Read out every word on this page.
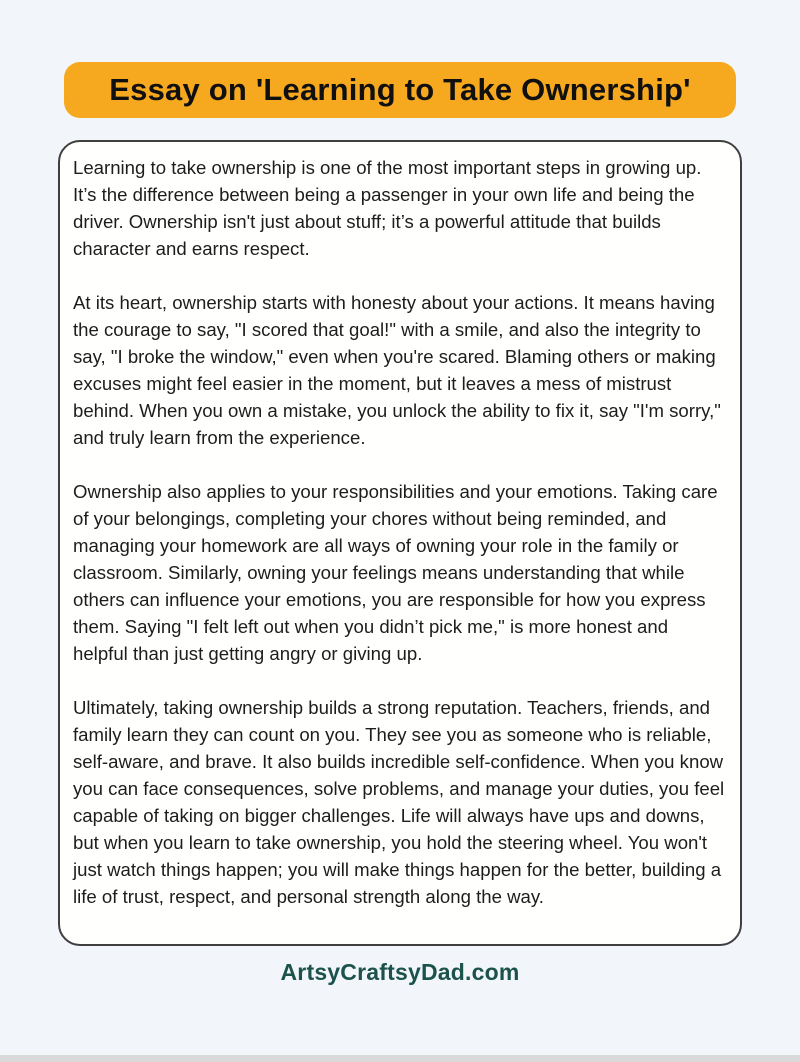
Essay on 'Learning to Take Ownership'

Learning to take ownership is one of the most important steps in growing up. It’s the difference between being a passenger in your own life and being the driver. Ownership isn't just about stuff; it’s a powerful attitude that builds character and earns respect.

At its heart, ownership starts with honesty about your actions. It means having the courage to say, "I scored that goal!" with a smile, and also the integrity to say, "I broke the window," even when you're scared. Blaming others or making excuses might feel easier in the moment, but it leaves a mess of mistrust behind. When you own a mistake, you unlock the ability to fix it, say "I'm sorry," and truly learn from the experience.

Ownership also applies to your responsibilities and your emotions. Taking care of your belongings, completing your chores without being reminded, and managing your homework are all ways of owning your role in the family or classroom. Similarly, owning your feelings means understanding that while others can influence your emotions, you are responsible for how you express them. Saying "I felt left out when you didn’t pick me," is more honest and helpful than just getting angry or giving up.

Ultimately, taking ownership builds a strong reputation. Teachers, friends, and family learn they can count on you. They see you as someone who is reliable, self-aware, and brave. It also builds incredible self-confidence. When you know you can face consequences, solve problems, and manage your duties, you feel capable of taking on bigger challenges. Life will always have ups and downs, but when you learn to take ownership, you hold the steering wheel. You won't just watch things happen; you will make things happen for the better, building a life of trust, respect, and personal strength along the way.

ArtsyCraftsyDad.com
